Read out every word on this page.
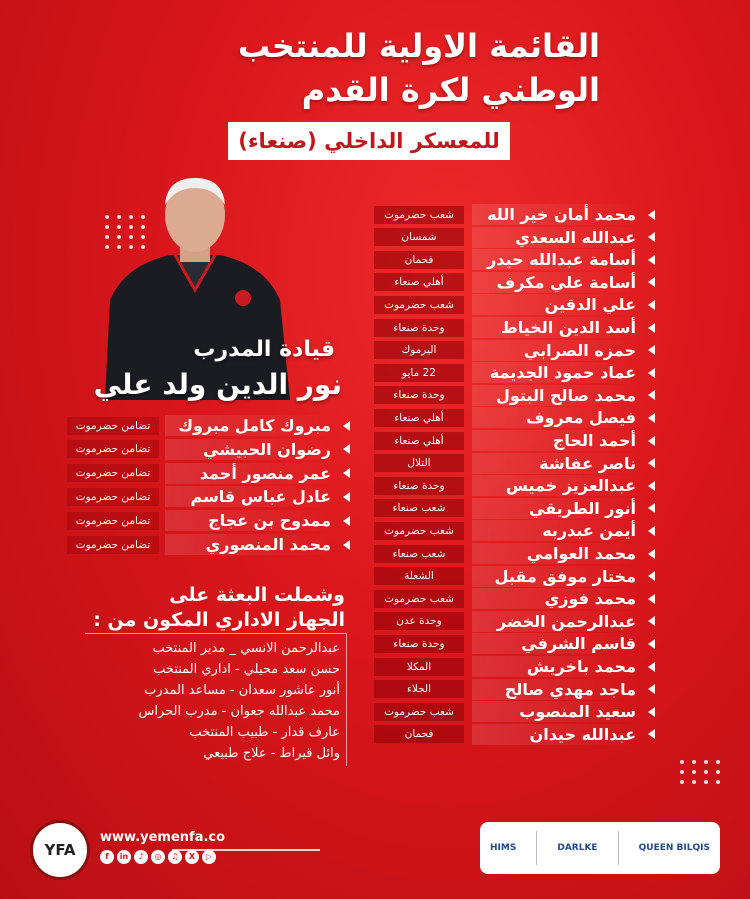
القائمة الاولية للمنتخب
الوطني لكرة القدم
للمعسكر الداخلي (صنعاء)
قيادة المدرب
نور الدين ولد علي
محمد أمان خير الله
شعب حضرموت
عبدالله السعدي
شمسان
أسامة عبدالله حيدر
فحمان
أسامة علي مكرف
أهلي صنعاء
علي الدقين
شعب حضرموت
أسد الدين الخياط
وحدة صنعاء
حمزه الصرابي
اليرموك
عماد حمود الجديمة
22 مايو
محمد صالح البتول
وحدة صنعاء
فيصل معروف
أهلي صنعاء
أحمد الحاج
أهلي صنعاء
ناصر عفاشة
التلال
عبدالعزيز خميس
وحدة صنعاء
أنور الطريقي
شعب صنعاء
أيمن عبدربه
شعب حضرموت
محمد العوامي
شعب صنعاء
مختار موفق مقبل
الشعلة
محمد فوزي
شعب حضرموت
عبدالرحمن الخضر
وحدة عدن
قاسم الشرفي
وحدة صنعاء
محمد باخريش
المكلا
ماجد مهدي صالح
الجلاء
سعيد المنصوب
شعب حضرموت
عبدالله حيدان
فحمان
مبروك كامل مبروك
تضامن حضرموت
رضوان الحبيشي
تضامن حضرموت
عمر منصور أحمد
تضامن حضرموت
عادل عباس قاسم
تضامن حضرموت
ممدوح بن عجاج
تضامن حضرموت
محمد المنصوري
تضامن حضرموت
وشملت البعثة على
الجهاز الاداري المكون من :
عبدالرحمن الانسي _ مدير المنتخب
حسن سعد محيلي - اداري المنتخب
أنور عاشور سعدان - مساعد المدرب
محمد عبدالله جعوان - مدرب الحراس
عارف قدار - طبيب المنتخب
وائل قيراط - علاج طبيعي
YFA
www.yemenfa.co
f	in	♪	◎	♫	X	▷
HIMS	DARLKE	QUEEN BILQIS
